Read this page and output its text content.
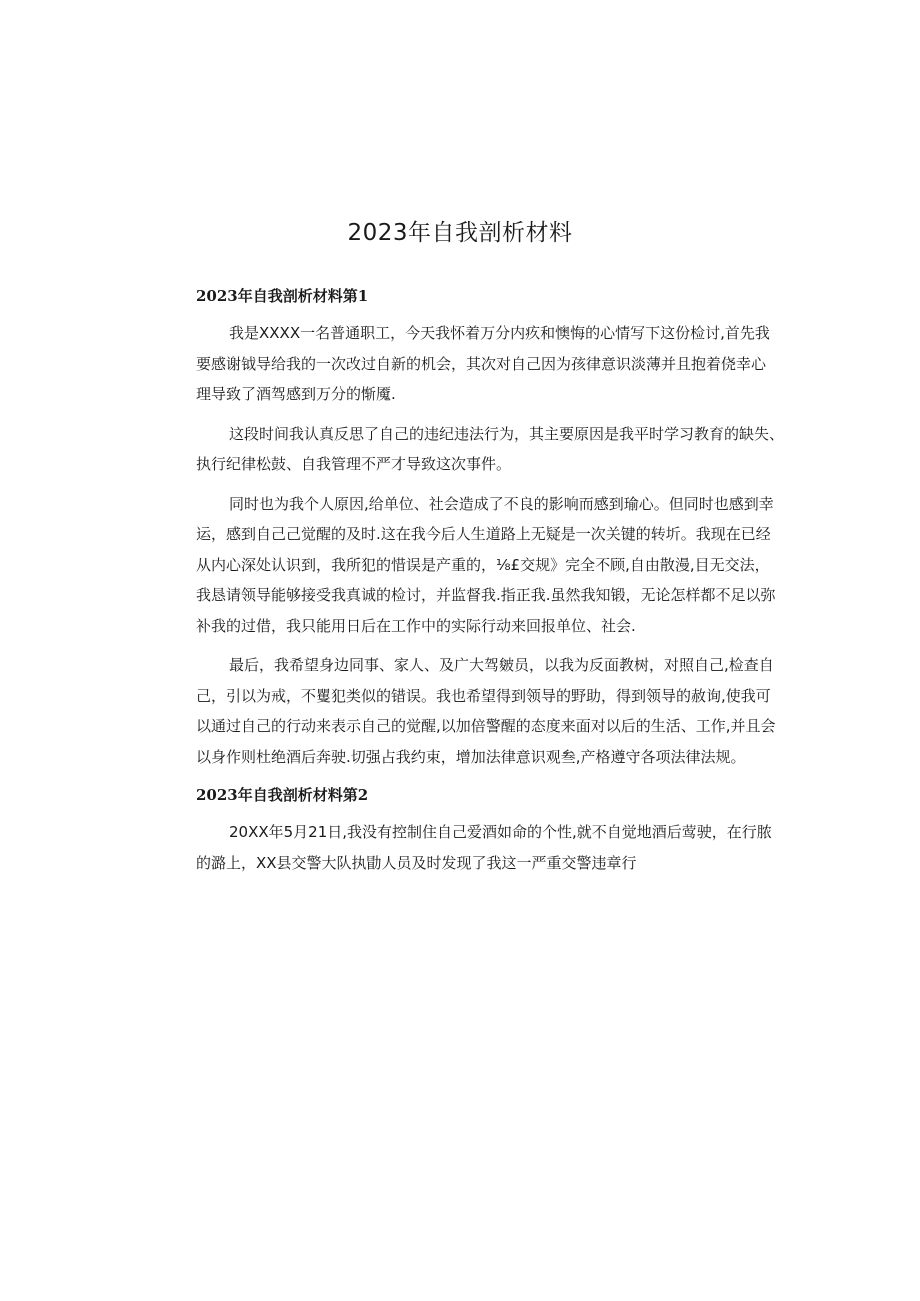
2023年自我剖析材料
2023年自我剖析材料第1
我是XXXX一名普通职工，今天我怀着万分内疚和懊悔的心情写下这份检讨,首先我
要感谢钺导给我的一次改过自新的机会，其次对自己因为孩律意识淡薄并且抱着侥幸心
理导致了酒驾感到万分的惭魇.
这段时间我认真反思了自己的违纪违法行为，其主要原因是我平时学习教育的缺失、
执行纪律松鼓、自我管理不严才导致这次事件。
同时也为我个人原因,给单位、社会造成了不良的影响而感到瑜心。但同时也感到幸
运，感到自己己觉醒的及时.这在我今后人生道路上无疑是一次关键的转圻。我现在已经
从内心深处认识到，我所犯的惜误是产重的，⅛£交规》完全不顾,自由散漫,目无交法，
我恳请领导能够接受我真诚的检讨，并监督我.指正我.虽然我知锻，无论怎样都不足以弥
补我的过借，我只能用日后在工作中的实际行动来回报单位、社会.
最后，我希望身边同事、家人、及广大驾皴员，以我为反面教树，对照自己,检查自
己，引以为戒，不矍犯类似的错误。我也希望得到领导的野助，得到领导的赦询,使我可
以通过自己的行动来表示自己的觉醒,以加倍警醒的态度来面对以后的生活、工作,并且会
以身作则杜绝酒后奔驶.切强占我约束，增加法律意识观叁,产格遵守各项法律法规。
2023年自我剖析材料第2
20XX年5月21日,我没有控制住自己爱酒如命的个性,就不自觉地酒后莺驶，在行脓
的潞上，XX县交警大队执勖人员及时发现了我这一严重交警违章行
